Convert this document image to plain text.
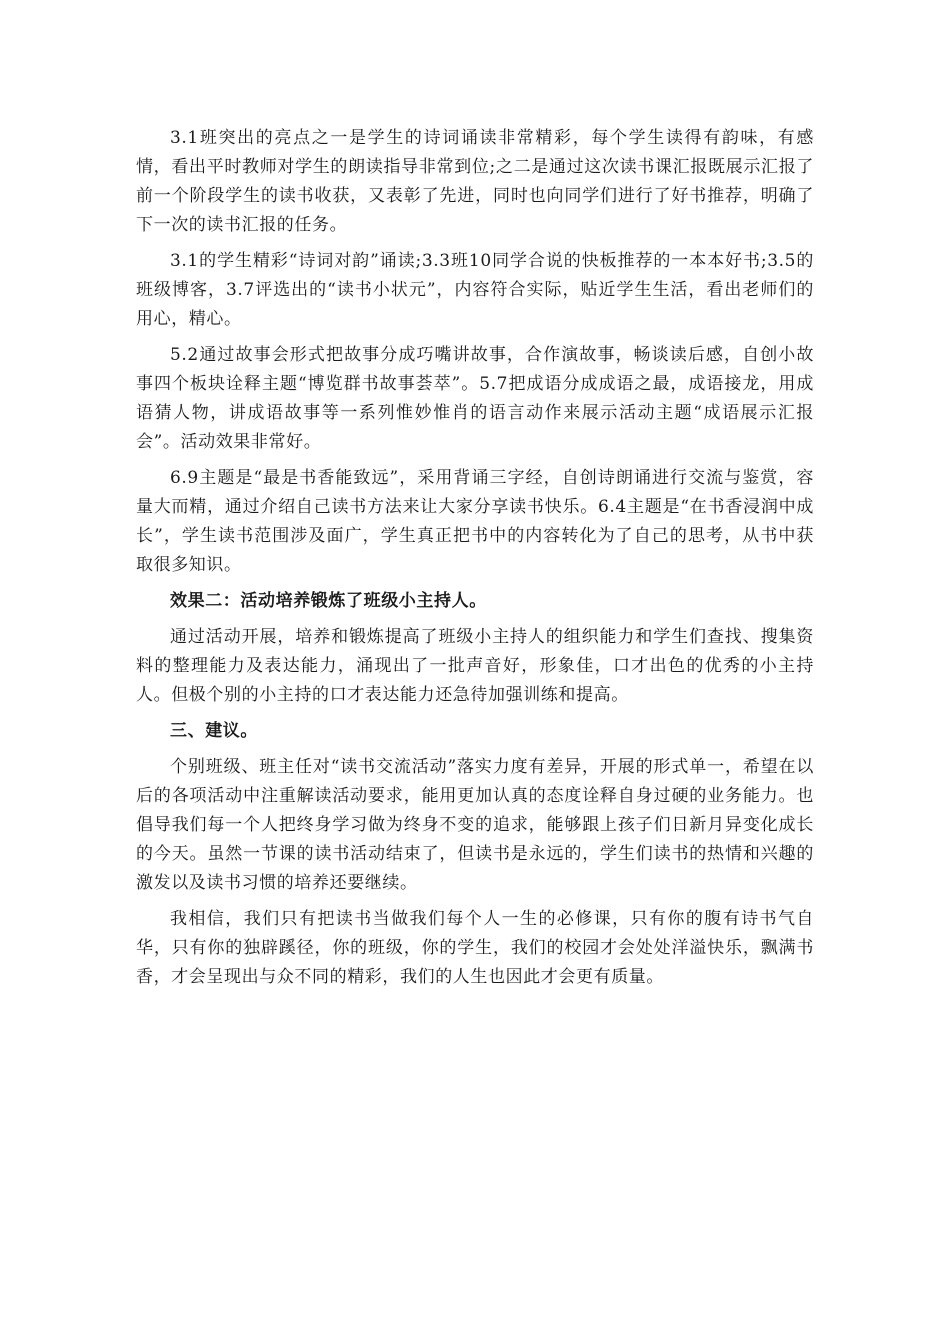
3.1班突出的亮点之一是学生的诗词诵读非常精彩，每个学生读得有韵味，有感情，看出平时教师对学生的朗读指导非常到位;之二是通过这次读书课汇报既展示汇报了前一个阶段学生的读书收获，又表彰了先进，同时也向同学们进行了好书推荐，明确了下一次的读书汇报的任务。

3.1的学生精彩“诗词对韵”诵读;3.3班10同学合说的快板推荐的一本本好书;3.5的班级博客，3.7评选出的“读书小状元”，内容符合实际，贴近学生生活，看出老师们的用心，精心。

5.2通过故事会形式把故事分成巧嘴讲故事，合作演故事，畅谈读后感，自创小故事四个板块诠释主题“博览群书故事荟萃”。5.7把成语分成成语之最，成语接龙，用成语猜人物，讲成语故事等一系列惟妙惟肖的语言动作来展示活动主题“成语展示汇报会”。活动效果非常好。

6.9主题是“最是书香能致远”，采用背诵三字经，自创诗朗诵进行交流与鉴赏，容量大而精，通过介绍自己读书方法来让大家分享读书快乐。6.4主题是“在书香浸润中成长”，学生读书范围涉及面广，学生真正把书中的内容转化为了自己的思考，从书中获取很多知识。

效果二：活动培养锻炼了班级小主持人。

通过活动开展，培养和锻炼提高了班级小主持人的组织能力和学生们查找、搜集资料的整理能力及表达能力，涌现出了一批声音好，形象佳，口才出色的优秀的小主持人。但极个别的小主持的口才表达能力还急待加强训练和提高。

三、建议。

个别班级、班主任对“读书交流活动”落实力度有差异，开展的形式单一，希望在以后的各项活动中注重解读活动要求，能用更加认真的态度诠释自身过硬的业务能力。也倡导我们每一个人把终身学习做为终身不变的追求，能够跟上孩子们日新月异变化成长的今天。虽然一节课的读书活动结束了，但读书是永远的，学生们读书的热情和兴趣的激发以及读书习惯的培养还要继续。

我相信，我们只有把读书当做我们每个人一生的必修课，只有你的腹有诗书气自华，只有你的独辟蹊径，你的班级，你的学生，我们的校园才会处处洋溢快乐，飘满书香，才会呈现出与众不同的精彩，我们的人生也因此才会更有质量。
